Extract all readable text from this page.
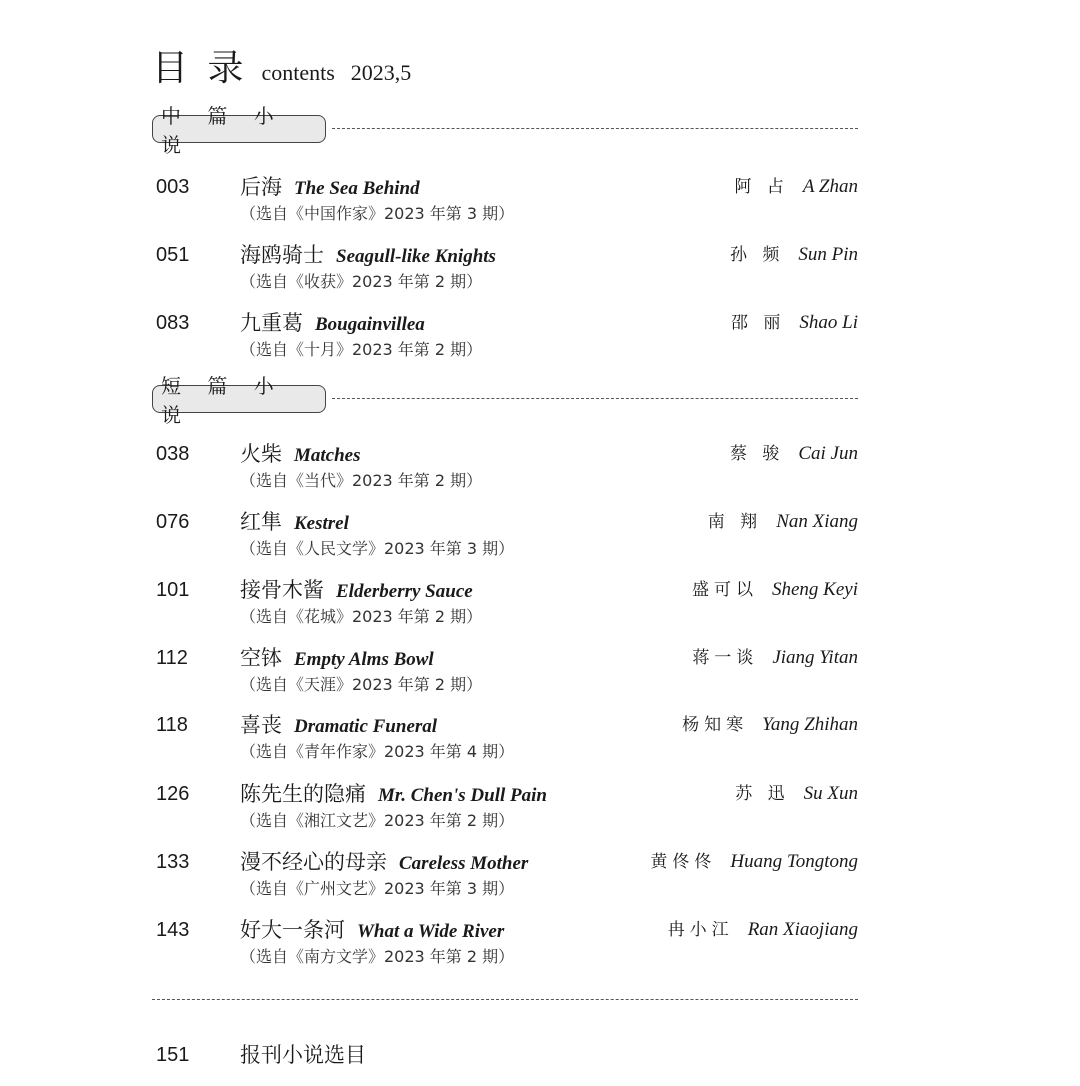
目 录 contents 2023,5
中 篇 小 说
003 后海 The Sea Behind
（选自《中国作家》2023 年第 3 期）
阿 占 A Zhan
051 海鸥骑士 Seagull-like Knights
（选自《收获》2023 年第 2 期）
孙 频 Sun Pin
083 九重葛 Bougainvillea
（选自《十月》2023 年第 2 期）
邵 丽 Shao Li
短 篇 小 说
038 火柴 Matches
（选自《当代》2023 年第 2 期）
蔡 骏 Cai Jun
076 红隼 Kestrel
（选自《人民文学》2023 年第 3 期）
南 翔 Nan Xiang
101 接骨木酱 Elderberry Sauce
（选自《花城》2023 年第 2 期）
盛可以 Sheng Keyi
112 空钵 Empty Alms Bowl
（选自《天涯》2023 年第 2 期）
蒋一谈 Jiang Yitan
118 喜丧 Dramatic Funeral
（选自《青年作家》2023 年第 4 期）
杨知寒 Yang Zhihan
126 陈先生的隐痛 Mr. Chen's Dull Pain
（选自《湘江文艺》2023 年第 2 期）
苏 迅 Su Xun
133 漫不经心的母亲 Careless Mother
（选自《广州文艺》2023 年第 3 期）
黄佟佟 Huang Tongtong
143 好大一条河 What a Wide River
（选自《南方文学》2023 年第 2 期）
冉小江 Ran Xiaojiang
151 报刊小说选目
